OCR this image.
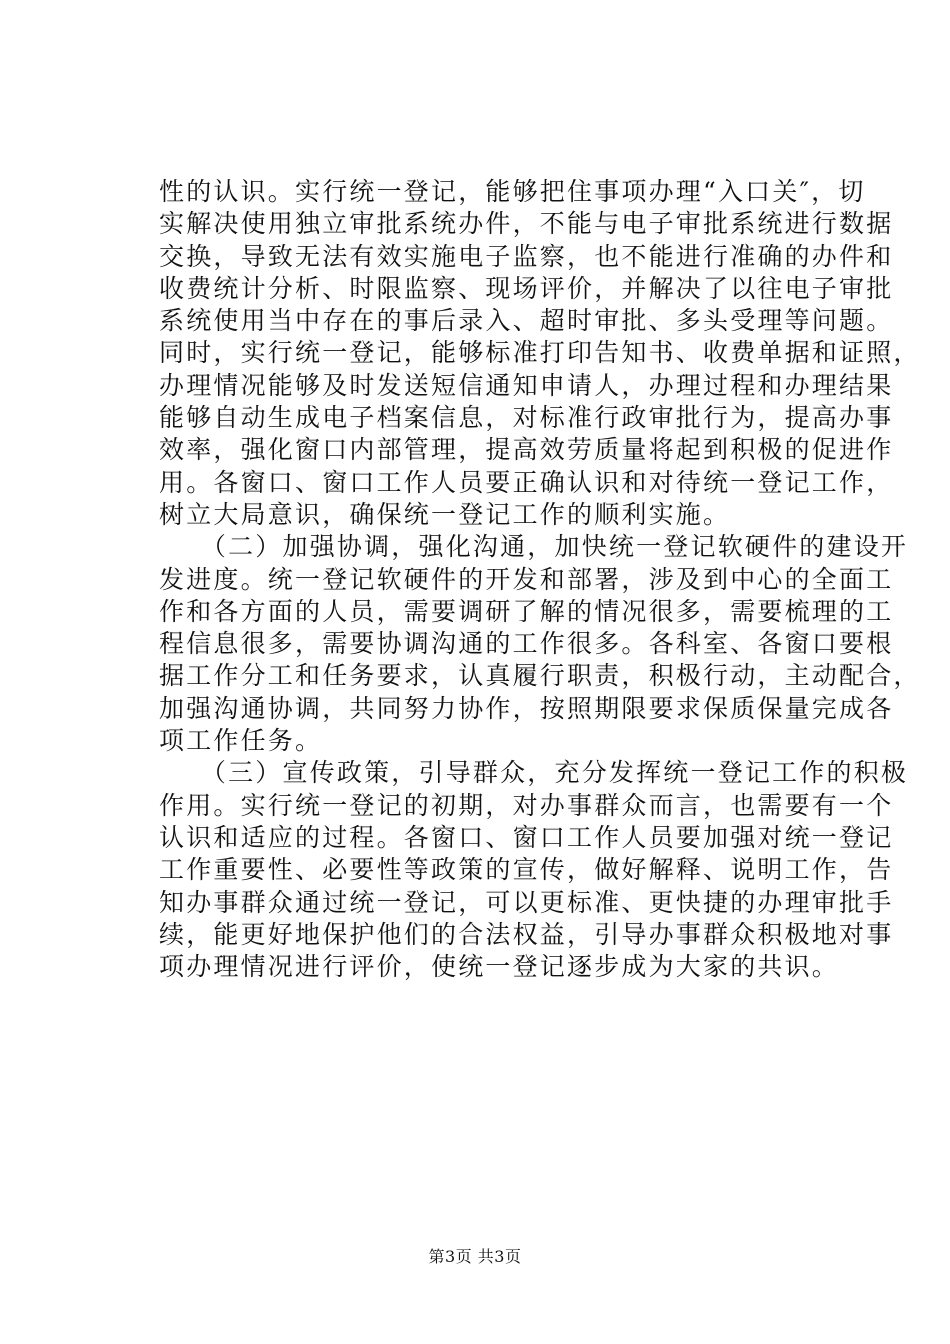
性的认识。实行统一登记，能够把住事项办理“入口关″，切
实解决使用独立审批系统办件，不能与电子审批系统进行数据
交换，导致无法有效实施电子监察，也不能进行准确的办件和
收费统计分析、时限监察、现场评价，并解决了以往电子审批
系统使用当中存在的事后录入、超时审批、多头受理等问题。
同时，实行统一登记，能够标准打印告知书、收费单据和证照，
办理情况能够及时发送短信通知申请人，办理过程和办理结果
能够自动生成电子档案信息，对标准行政审批行为，提高办事
效率，强化窗口内部管理，提高效劳质量将起到积极的促进作
用。各窗口、窗口工作人员要正确认识和对待统一登记工作，
树立大局意识，确保统一登记工作的顺利实施。
　　（二）加强协调，强化沟通，加快统一登记软硬件的建设开
发进度。统一登记软硬件的开发和部署，涉及到中心的全面工
作和各方面的人员，需要调研了解的情况很多，需要梳理的工
程信息很多，需要协调沟通的工作很多。各科室、各窗口要根
据工作分工和任务要求，认真履行职责，积极行动，主动配合，
加强沟通协调，共同努力协作，按照期限要求保质保量完成各
项工作任务。
　　（三）宣传政策，引导群众，充分发挥统一登记工作的积极
作用。实行统一登记的初期，对办事群众而言，也需要有一个
认识和适应的过程。各窗口、窗口工作人员要加强对统一登记
工作重要性、必要性等政策的宣传，做好解释、说明工作，告
知办事群众通过统一登记，可以更标准、更快捷的办理审批手
续，能更好地保护他们的合法权益，引导办事群众积极地对事
项办理情况进行评价，使统一登记逐步成为大家的共识。
第3页 共3页
